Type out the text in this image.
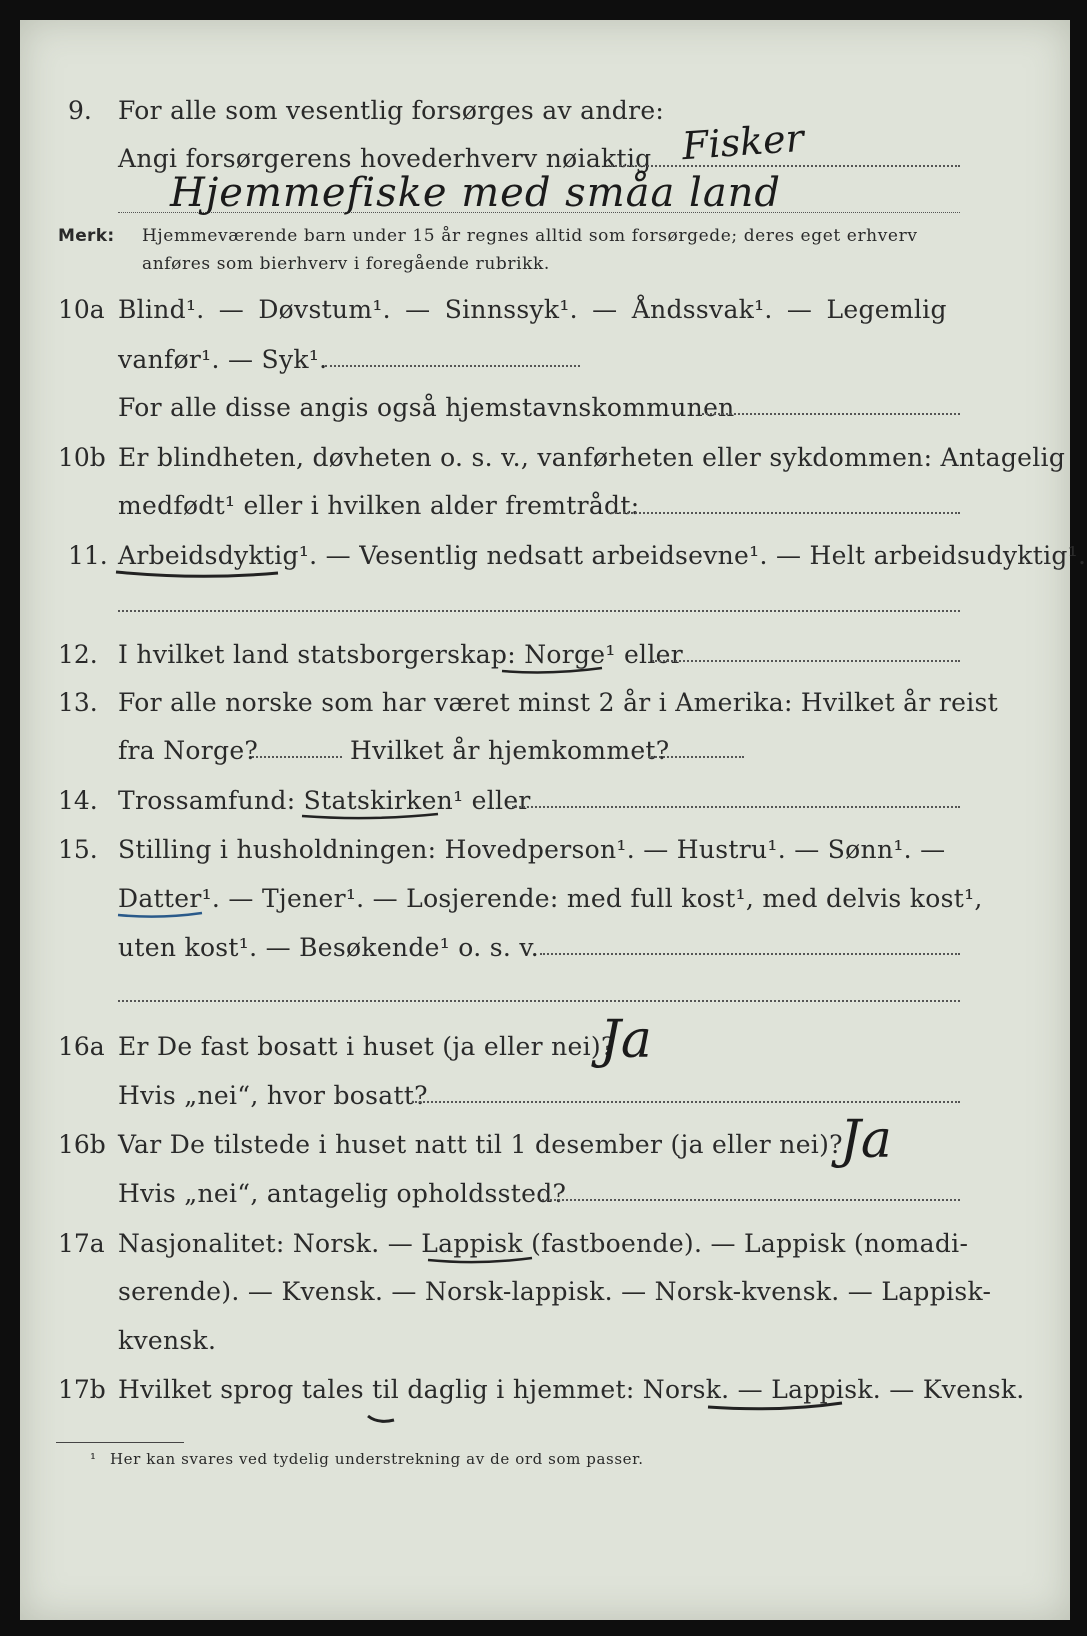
9. For alle som vesentlig forsørges av andre:
Angi forsørgerens hovederhverv nøiaktig Fisker
Hjemmefiske med småa land
Merk: Hjemmeværende barn under 15 år regnes alltid som forsørgede; deres eget erhverv
anføres som bierhverv i foregående rubrikk.
10a Blind¹. — Døvstum¹. — Sinnssyk¹. — Åndssvak¹. — Legemlig
vanfør¹. — Syk¹.
For alle disse angis også hjemstavnskommunen
10b Er blindheten, døvheten o. s. v., vanførheten eller sykdommen: Antagelig
medfødt¹ eller i hvilken alder fremtrådt:
11. Arbeidsdyktig¹. — Vesentlig nedsatt arbeidsevne¹. — Helt arbeidsudyktig¹.
12. I hvilket land statsborgerskap: Norge¹ eller
13. For alle norske som har været minst 2 år i Amerika: Hvilket år reist
fra Norge?	Hvilket år hjemkommet?
14. Trossamfund: Statskirken¹ eller
15. Stilling i husholdningen: Hovedperson¹. — Hustru¹. — Sønn¹. —
Datter¹. — Tjener¹. — Losjerende: med full kost¹, med delvis kost¹,
uten kost¹. — Besøkende¹ o. s. v.
16a Er De fast bosatt i huset (ja eller nei)?
Ja
Hvis „nei“, hvor bosatt?
16b Var De tilstede i huset natt til 1 desember (ja eller nei)?
Ja
Hvis „nei“, antagelig opholdssted?
17a Nasjonalitet: Norsk. — Lappisk (fastboende). — Lappisk (nomadi-
serende). — Kvensk. — Norsk-lappisk. — Norsk-kvensk. — Lappisk-
kvensk.
17b Hvilket sprog tales til daglig i hjemmet: Norsk. — Lappisk. — Kvensk.
¹ Her kan svares ved tydelig understrekning av de ord som passer.
